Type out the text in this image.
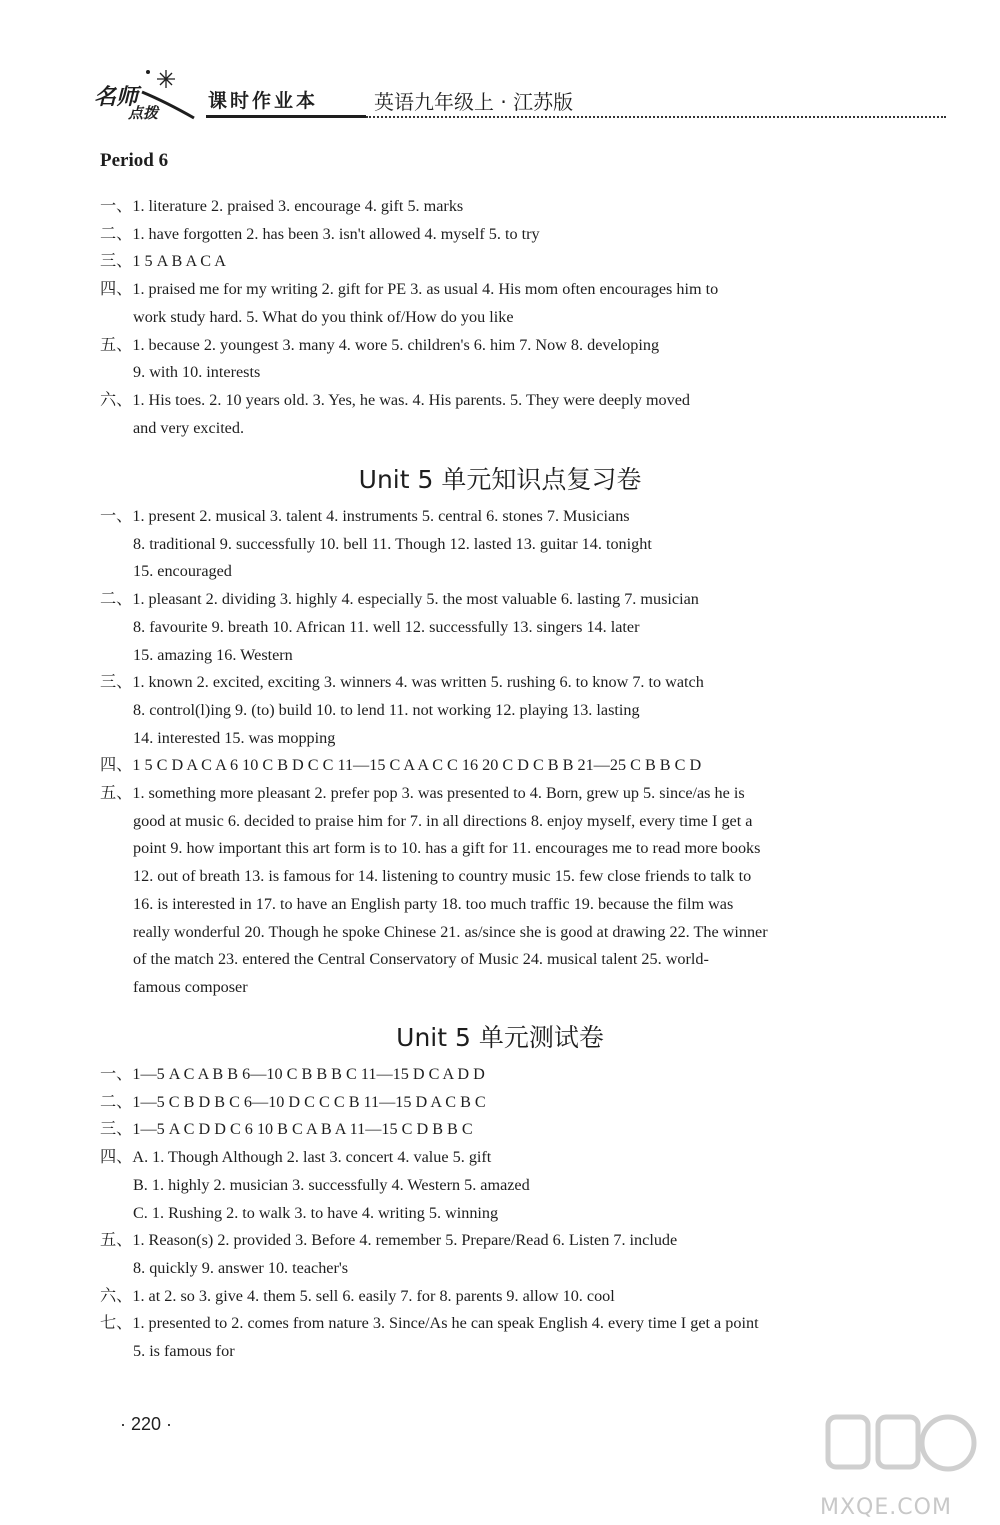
名师
点拨
课时作业本	英语九年级上 · 江苏版
Period 6
一、1. literature 2. praised 3. encourage 4. gift 5. marks
二、1. have forgotten 2. has been 3. isn't allowed 4. myself 5. to try
三、1 5 A B A C A
四、1. praised me for my writing 2. gift for PE 3. as usual 4. His mom often encourages him to
work study hard. 5. What do you think of/How do you like
五、1. because 2. youngest 3. many 4. wore 5. children's 6. him 7. Now 8. developing
9. with 10. interests
六、1. His toes. 2. 10 years old. 3. Yes, he was. 4. His parents. 5. They were deeply moved
and very excited.
Unit 5 单元知识点复习卷
一、1. present 2. musical 3. talent 4. instruments 5. central 6. stones 7. Musicians
8. traditional 9. successfully 10. bell 11. Though 12. lasted 13. guitar 14. tonight
15. encouraged
二、1. pleasant 2. dividing 3. highly 4. especially 5. the most valuable 6. lasting 7. musician
8. favourite 9. breath 10. African 11. well 12. successfully 13. singers 14. later
15. amazing 16. Western
三、1. known 2. excited, exciting 3. winners 4. was written 5. rushing 6. to know 7. to watch
8. control(l)ing 9. (to) build 10. to lend 11. not working 12. playing 13. lasting
14. interested 15. was mopping
四、1 5 C D A C A 6 10 C B D C C 11—15 C A A C C 16 20 C D C B B 21—25 C B B C D
五、1. something more pleasant 2. prefer pop 3. was presented to 4. Born, grew up 5. since/as he is
good at music 6. decided to praise him for 7. in all directions 8. enjoy myself, every time I get a
point 9. how important this art form is to 10. has a gift for 11. encourages me to read more books
12. out of breath 13. is famous for 14. listening to country music 15. few close friends to talk to
16. is interested in 17. to have an English party 18. too much traffic 19. because the film was
really wonderful 20. Though he spoke Chinese 21. as/since she is good at drawing 22. The winner
of the match 23. entered the Central Conservatory of Music 24. musical talent 25. world-
famous composer
Unit 5 单元测试卷
一、1—5 A C A B B 6—10 C B B B C 11—15 D C A D D
二、1—5 C B D B C 6—10 D C C C B 11—15 D A C B C
三、1—5 A C D D C 6 10 B C A B A 11—15 C D B B C
四、A. 1. Though Although 2. last 3. concert 4. value 5. gift
B. 1. highly 2. musician 3. successfully 4. Western 5. amazed
C. 1. Rushing 2. to walk 3. to have 4. writing 5. winning
五、1. Reason(s) 2. provided 3. Before 4. remember 5. Prepare/Read 6. Listen 7. include
8. quickly 9. answer 10. teacher's
六、1. at 2. so 3. give 4. them 5. sell 6. easily 7. for 8. parents 9. allow 10. cool
七、1. presented to 2. comes from nature 3. Since/As he can speak English 4. every time I get a point
5. is famous for
· 220 ·
MXQE.COM
